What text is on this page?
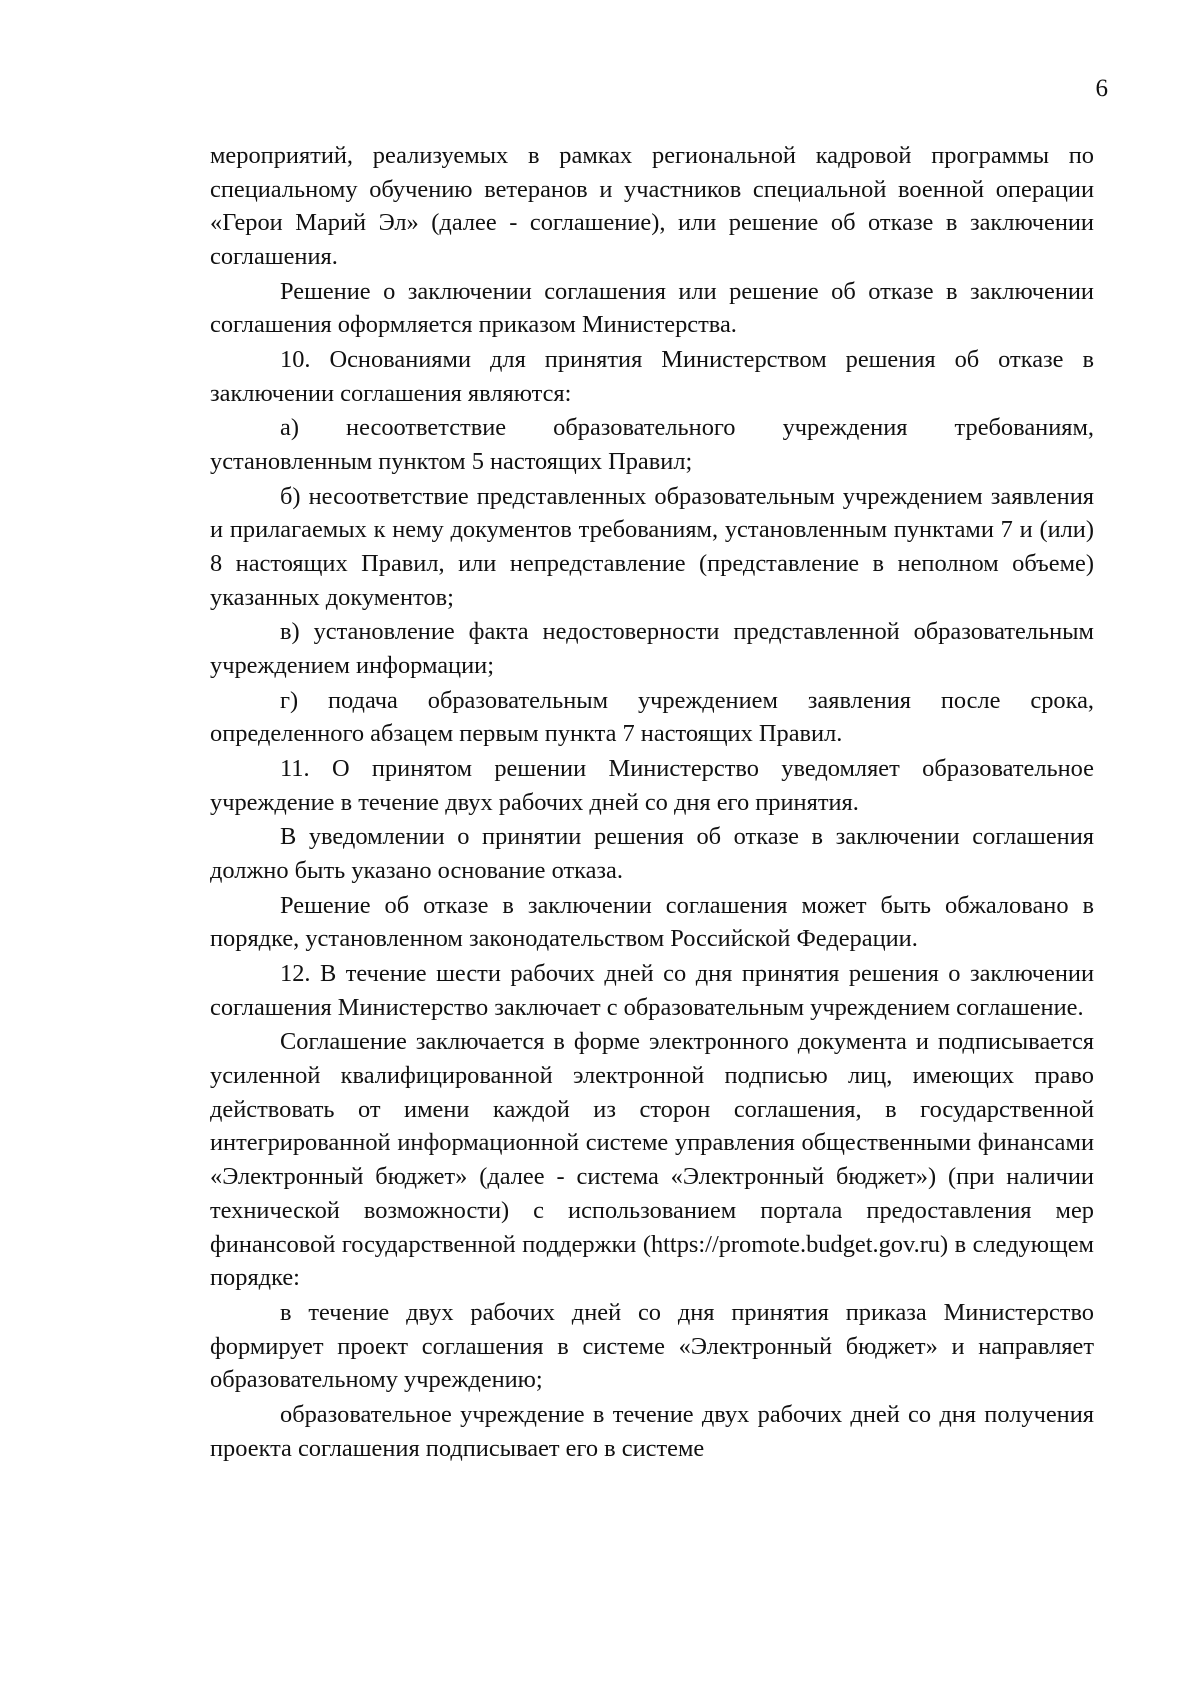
6

мероприятий, реализуемых в рамках региональной кадровой программы по специальному обучению ветеранов и участников специальной военной операции «Герои Марий Эл» (далее - соглашение), или решение об отказе в заключении соглашения.

Решение о заключении соглашения или решение об отказе в заключении соглашения оформляется приказом Министерства.

10. Основаниями для принятия Министерством решения об отказе в заключении соглашения являются:

а) несоответствие образовательного учреждения требованиям, установленным пунктом 5 настоящих Правил;

б) несоответствие представленных образовательным учреждением заявления и прилагаемых к нему документов требованиям, установленным пунктами 7 и (или) 8 настоящих Правил, или непредставление (представление в неполном объеме) указанных документов;

в) установление факта недостоверности представленной образовательным учреждением информации;

г) подача образовательным учреждением заявления после срока, определенного абзацем первым пункта 7 настоящих Правил.

11. О принятом решении Министерство уведомляет образовательное учреждение в течение двух рабочих дней со дня его принятия.

В уведомлении о принятии решения об отказе в заключении соглашения должно быть указано основание отказа.

Решение об отказе в заключении соглашения может быть обжаловано в порядке, установленном законодательством Российской Федерации.

12. В течение шести рабочих дней со дня принятия решения о заключении соглашения Министерство заключает с образовательным учреждением соглашение.

Соглашение заключается в форме электронного документа и подписывается усиленной квалифицированной электронной подписью лиц, имеющих право действовать от имени каждой из сторон соглашения, в государственной интегрированной информационной системе управления общественными финансами «Электронный бюджет» (далее - система «Электронный бюджет») (при наличии технической возможности) с использованием портала предоставления мер финансовой государственной поддержки (https://promote.budget.gov.ru) в следующем порядке:

в течение двух рабочих дней со дня принятия приказа Министерство формирует проект соглашения в системе «Электронный бюджет» и направляет образовательному учреждению;

образовательное учреждение в течение двух рабочих дней со дня получения проекта соглашения подписывает его в системе
